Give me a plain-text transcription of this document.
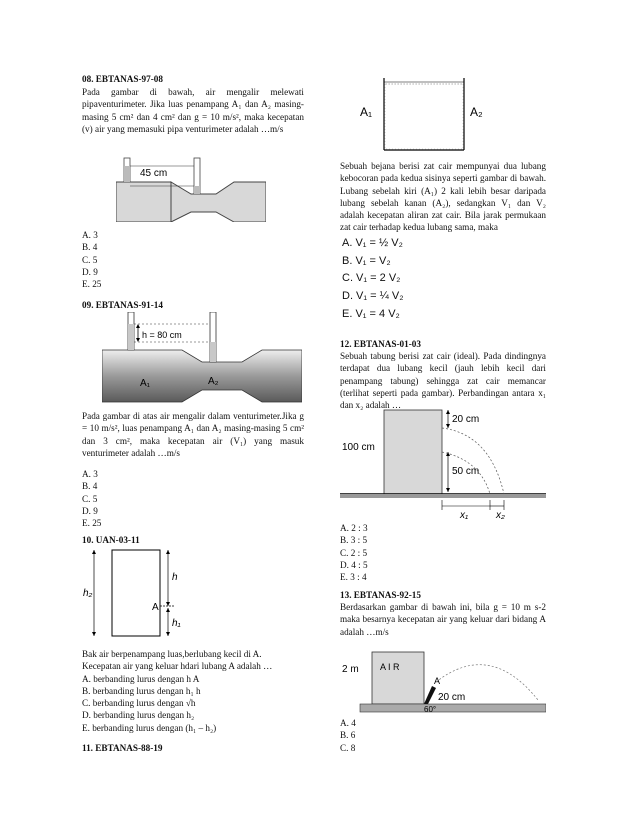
08. EBTANAS-97-08
Pada gambar di bawah, air mengalir melewati pipaventurimeter. Jika luas penampang A₁ dan A₂ masing-masing 5 cm² dan 4 cm² dan g = 10 m/s², maka kecepatan (v) air yang memasuki pipa venturimeter adalah …m/s
45 cm
A. 3
B. 4
C. 5
D. 9
E. 25
09. EBTANAS-91-14
h = 80 cm
A₁	A₂
Pada gambar di atas air mengalir dalam venturimeter.Jika g = 10 m/s², luas penampang A₁ dan A₂ masing-masing 5 cm² dan 3 cm², maka kecepatan air (V₁) yang masuk venturimeter adalah …m/s
A. 3
B. 4
C. 5
D. 9
E. 25
10. UAN-03-11
h₂
h
h₁
A
Bak air berpenampang luas,berlubang kecil di A.
Kecepatan air yang keluar hdari lubang A adalah …
A. berbanding lurus dengan h A
B. berbanding lurus dengan h₁ h
C. berbanding lurus dengan √h
D. berbanding lurus dengan h₂
E. berbanding lurus dengan (h₁ – h₂)
11. EBTANAS-88-19
A₁	A₂
Sebuah bejana berisi zat cair mempunyai dua lubang kebocoran pada kedua sisinya seperti gambar di bawah. Lubang sebelah kiri (A₁) 2 kali lebih besar daripada lubang sebelah kanan (A₂), sedangkan V₁ dan V₂ adalah kecepatan aliran zat cair. Bila jarak permukaan zat cair terhadap kedua lubang sama, maka
A. V₁ = ½ V₂
B. V₁ = V₂
C. V₁ = 2 V₂
D. V₁ = ¼ V₂
E. V₁ = 4 V₂
12. EBTANAS-01-03
Sebuah tabung berisi zat cair (ideal). Pada dindingnya terdapat dua lubang kecil (jauh lebih kecil dari penampang tabung) sehingga zat cair memancar (terlihat seperti pada gambar). Perbandingan antara x₁ dan x₂ adalah …
20 cm
100 cm
50 cm
x₁	x₂
A. 2 : 3
B. 3 : 5
C. 2 : 5
D. 4 : 5
E. 3 : 4
13. EBTANAS-92-15
Berdasarkan gambar di bawah ini, bila g = 10 m s-2 maka besarnya kecepatan air yang keluar dari bidang A adalah …m/s
2 m A I R
A
20 cm
60°
A. 4
B. 6
C. 8
